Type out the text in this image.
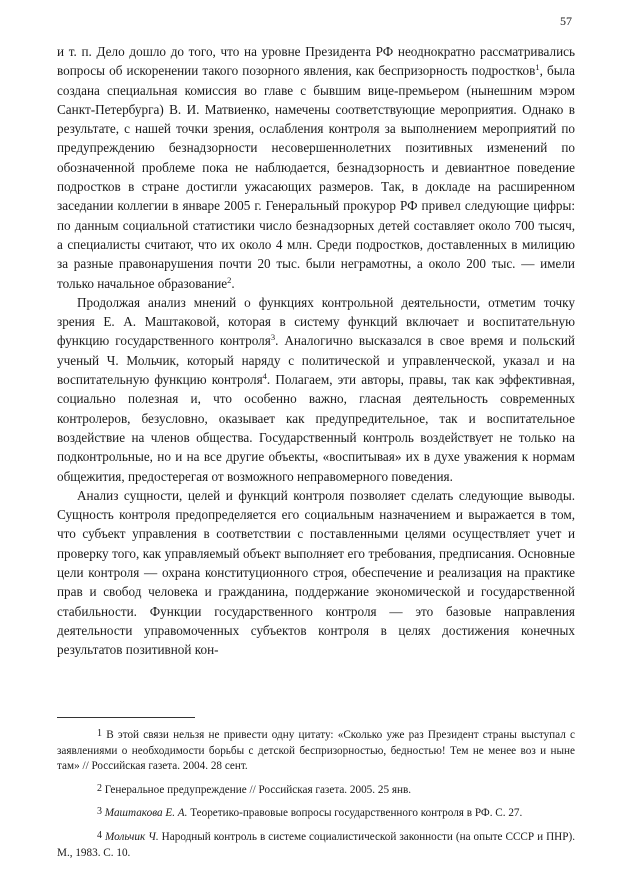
57

и т. п. Дело дошло до того, что на уровне Президента РФ неоднократно рассматривались вопросы об искоренении такого позорного явления, как беспризорность подростков$^1$, была создана специальная комиссия во главе с бывшим вице-премьером (нынешним мэром Санкт-Петербурга) В. И. Матвиенко, намечены соответствующие мероприятия. Однако в результате, с нашей точки зрения, ослабления контроля за выполнением мероприятий по предупреждению безнадзорности несовершеннолетних позитивных изменений по обозначенной проблеме пока не наблюдается, безнадзорность и девиантное поведение подростков в стране достигли ужасающих размеров. Так, в докладе на расширенном заседании коллегии в январе 2005 г. Генеральный прокурор РФ привел следующие цифры: по данным социальной статистики число безнадзорных детей составляет около 700 тысяч, а специалисты считают, что их около 4 млн. Среди подростков, доставленных в милицию за разные правонарушения почти 20 тыс. были неграмотны, а около 200 тыс. — имели только начальное образование$^2$.

Продолжая анализ мнений о функциях контрольной деятельности, отметим точку зрения Е. А. Маштаковой, которая в систему функций включает и воспитательную функцию государственного контроля$^3$. Аналогично высказался в свое время и польский ученый Ч. Мольчик, который наряду с политической и управленческой, указал и на воспитательную функцию контроля$^4$. Полагаем, эти авторы, правы, так как эффективная, социально полезная и, что особенно важно, гласная деятельность современных контролеров, безусловно, оказывает как предупредительное, так и воспитательное воздействие на членов общества. Государственный контроль воздействует не только на подконтрольные, но и на все другие объекты, «воспитывая» их в духе уважения к нормам общежития, предостерегая от возможного неправомерного поведения.

Анализ сущности, целей и функций контроля позволяет сделать следующие выводы. Сущность контроля предопределяется его социальным назначением и выражается в том, что субъект управления в соответствии с поставленными целями осуществляет учет и проверку того, как управляемый объект выполняет его требования, предписания. Основные цели контроля — охрана конституционного строя, обеспечение и реализация на практике прав и свобод человека и гражданина, поддержание экономической и государственной стабильности. Функции государственного контроля — это базовые направления деятельности управомоченных субъектов контроля в целях достижения конечных результатов позитивной кон-

1 В этой связи нельзя не привести одну цитату: «Сколько уже раз Президент страны выступал с заявлениями о необходимости борьбы с детской беспризорностью, бедностью! Тем не менее воз и ныне там» // Российская газета. 2004. 28 сент.

2 Генеральное предупреждение // Российская газета. 2005. 25 янв.

3 Маштакова Е. А. Теоретико-правовые вопросы государственного контроля в РФ. С. 27.

4 Мольчик Ч. Народный контроль в системе социалистической законности (на опыте СССР и ПНР). М., 1983. С. 10.
